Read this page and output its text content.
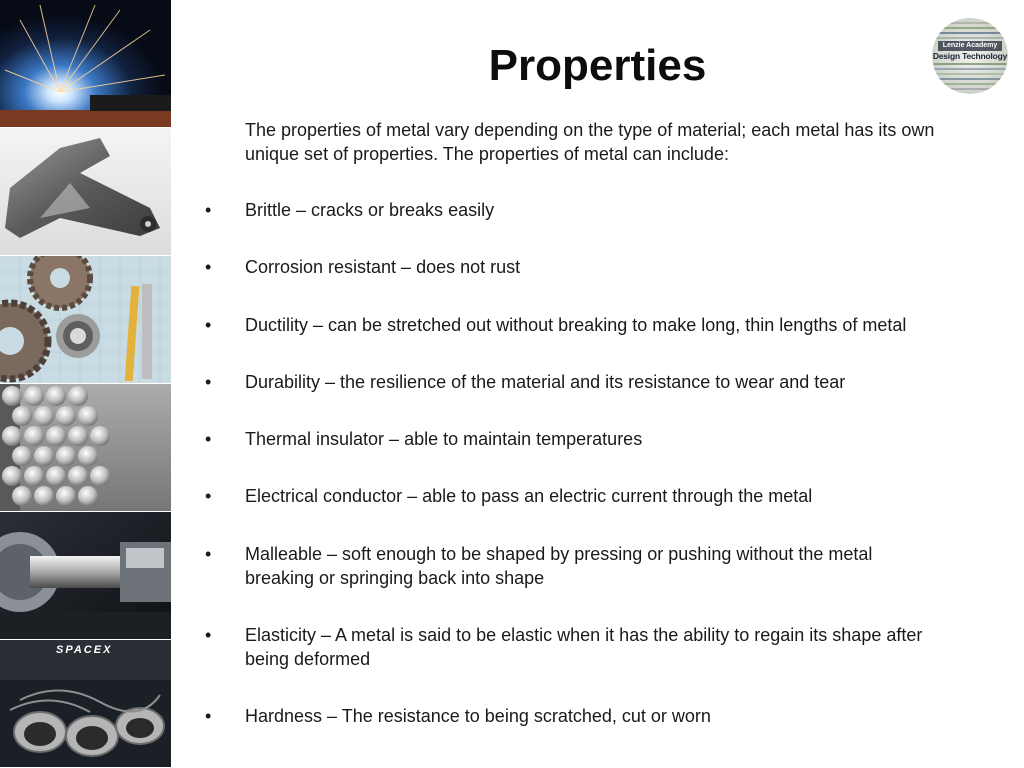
SPACEX
Properties	Lenzie Academy
Design Technology

The properties of metal vary depending on the type of material; each metal has its own unique set of properties. The properties of metal can include:

• Brittle – cracks or breaks easily
• Corrosion resistant – does not rust
• Ductility – can be stretched out without breaking to make long, thin lengths of metal
• Durability – the resilience of the material and its resistance to wear and tear
• Thermal insulator – able to maintain temperatures
• Electrical conductor – able to pass an electric current through the metal
• Malleable – soft enough to be shaped by pressing or pushing without the metal breaking or springing back into shape
• Elasticity – A metal is said to be elastic when it has the ability to regain its shape after being deformed
• Hardness – The resistance to being scratched, cut or worn
